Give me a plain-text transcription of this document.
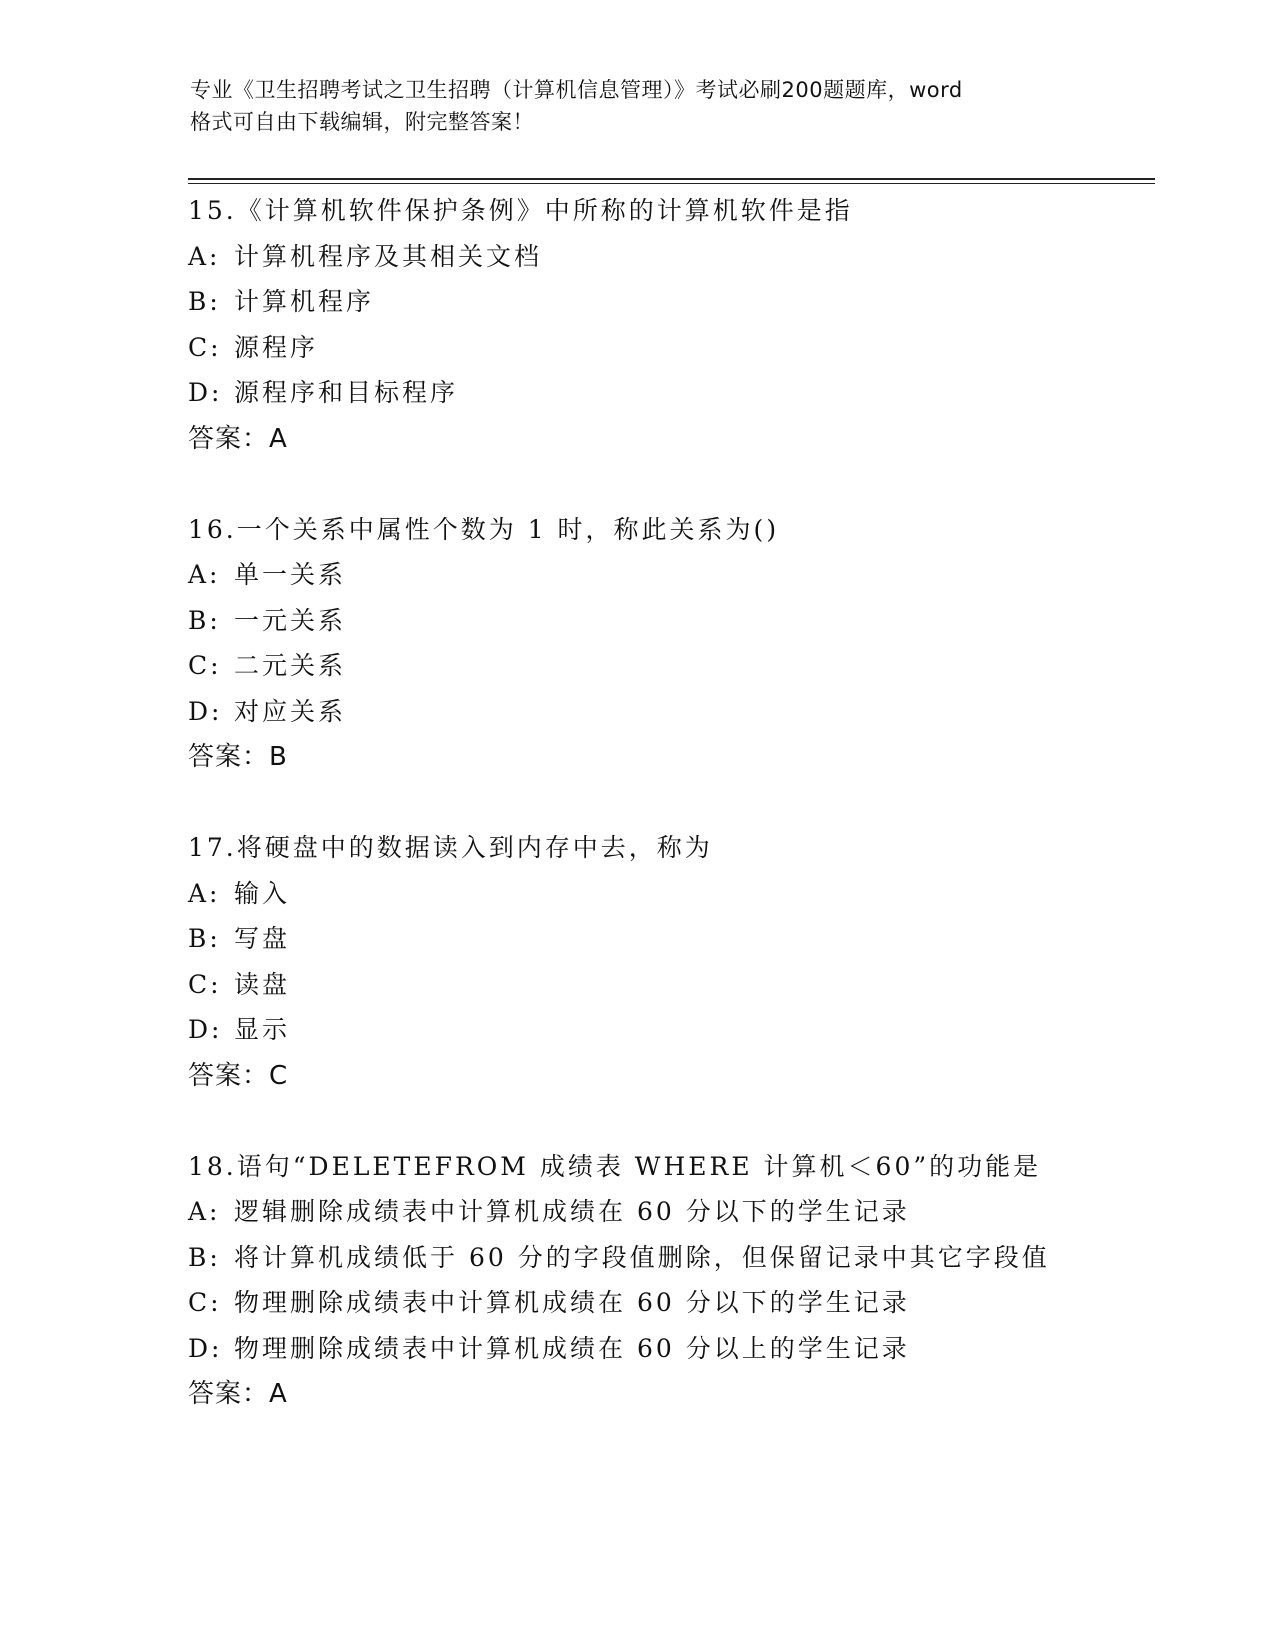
专业《卫生招聘考试之卫生招聘（计算机信息管理）》考试必刷200题题库，word
格式可自由下载编辑，附完整答案！
15.《计算机软件保护条例》中所称的计算机软件是指
A: 计算机程序及其相关文档
B: 计算机程序
C: 源程序
D: 源程序和目标程序
答案：A
16.一个关系中属性个数为 1 时，称此关系为()
A: 单一关系
B: 一元关系
C: 二元关系
D: 对应关系
答案：B
17.将硬盘中的数据读入到内存中去，称为
A: 输入
B: 写盘
C: 读盘
D: 显示
答案：C
18.语句“DELETEFROM 成绩表 WHERE 计算机＜60”的功能是
A: 逻辑删除成绩表中计算机成绩在 60 分以下的学生记录
B: 将计算机成绩低于 60 分的字段值删除，但保留记录中其它字段值
C: 物理删除成绩表中计算机成绩在 60 分以下的学生记录
D: 物理删除成绩表中计算机成绩在 60 分以上的学生记录
答案：A
